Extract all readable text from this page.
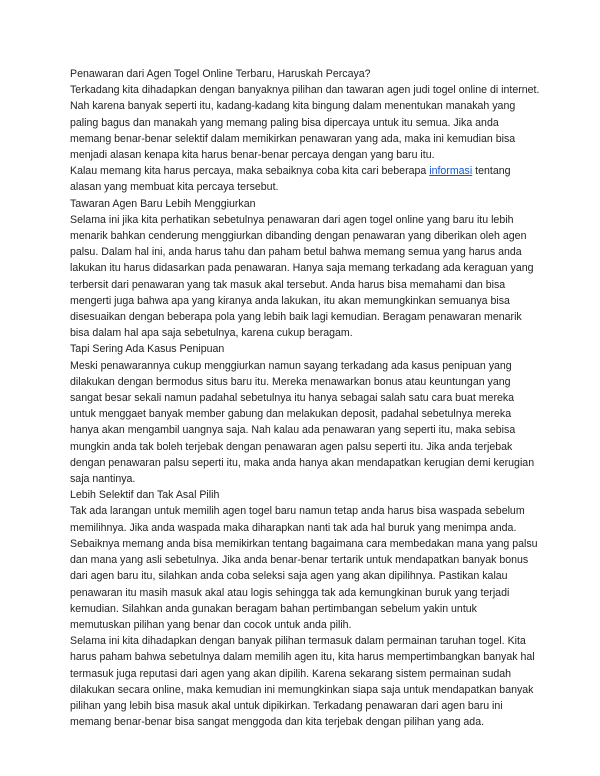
Penawaran dari Agen Togel Online Terbaru, Haruskah Percaya?

Terkadang kita dihadapkan dengan banyaknya pilihan dan tawaran agen judi togel online di internet. Nah karena banyak seperti itu, kadang-kadang kita bingung dalam menentukan manakah yang paling bagus dan manakah yang memang paling bisa dipercaya untuk itu semua. Jika anda memang benar-benar selektif dalam memikirkan penawaran yang ada, maka ini kemudian bisa menjadi alasan kenapa kita harus benar-benar percaya dengan yang baru itu.

Kalau memang kita harus percaya, maka sebaiknya coba kita cari beberapa informasi tentang alasan yang membuat kita percaya tersebut.

Tawaran Agen Baru Lebih Menggiurkan

Selama ini jika kita perhatikan sebetulnya penawaran dari agen togel online yang baru itu lebih menarik bahkan cenderung menggiurkan dibanding dengan penawaran yang diberikan oleh agen palsu. Dalam hal ini, anda harus tahu dan paham betul bahwa memang semua yang harus anda lakukan itu harus didasarkan pada penawaran. Hanya saja memang terkadang ada keraguan yang terbersit dari penawaran yang tak masuk akal tersebut. Anda harus bisa memahami dan bisa mengerti juga bahwa apa yang kiranya anda lakukan, itu akan memungkinkan semuanya bisa disesuaikan dengan beberapa pola yang lebih baik lagi kemudian. Beragam penawaran menarik bisa dalam hal apa saja sebetulnya, karena cukup beragam.

Tapi Sering Ada Kasus Penipuan

Meski penawarannya cukup menggiurkan namun sayang terkadang ada kasus penipuan yang dilakukan dengan bermodus situs baru itu. Mereka menawarkan bonus atau keuntungan yang sangat besar sekali namun padahal sebetulnya itu hanya sebagai salah satu cara buat mereka untuk menggaet banyak member gabung dan melakukan deposit, padahal sebetulnya mereka hanya akan mengambil uangnya saja. Nah kalau ada penawaran yang seperti itu, maka sebisa mungkin anda tak boleh terjebak dengan penawaran agen palsu seperti itu. Jika anda terjebak dengan penawaran palsu seperti itu, maka anda hanya akan mendapatkan kerugian demi kerugian saja nantinya.

Lebih Selektif dan Tak Asal Pilih

Tak ada larangan untuk memilih agen togel baru namun tetap anda harus bisa waspada sebelum memilihnya. Jika anda waspada maka diharapkan nanti tak ada hal buruk yang menimpa anda. Sebaiknya memang anda bisa memikirkan tentang bagaimana cara membedakan mana yang palsu dan mana yang asli sebetulnya. Jika anda benar-benar tertarik untuk mendapatkan banyak bonus dari agen baru itu, silahkan anda coba seleksi saja agen yang akan dipilihnya. Pastikan kalau penawaran itu masih masuk akal atau logis sehingga tak ada kemungkinan buruk yang terjadi kemudian. Silahkan anda gunakan beragam bahan pertimbangan sebelum yakin untuk memutuskan pilihan yang benar dan cocok untuk anda pilih.

Selama ini kita dihadapkan dengan banyak pilihan termasuk dalam permainan taruhan togel. Kita harus paham bahwa sebetulnya dalam memilih agen itu, kita harus mempertimbangkan banyak hal termasuk juga reputasi dari agen yang akan dipilih. Karena sekarang sistem permainan sudah dilakukan secara online, maka kemudian ini memungkinkan siapa saja untuk mendapatkan banyak

pilihan yang lebih bisa masuk akal untuk dipikirkan. Terkadang penawaran dari agen baru ini memang benar-benar bisa sangat menggoda dan kita terjebak dengan pilihan yang ada.
